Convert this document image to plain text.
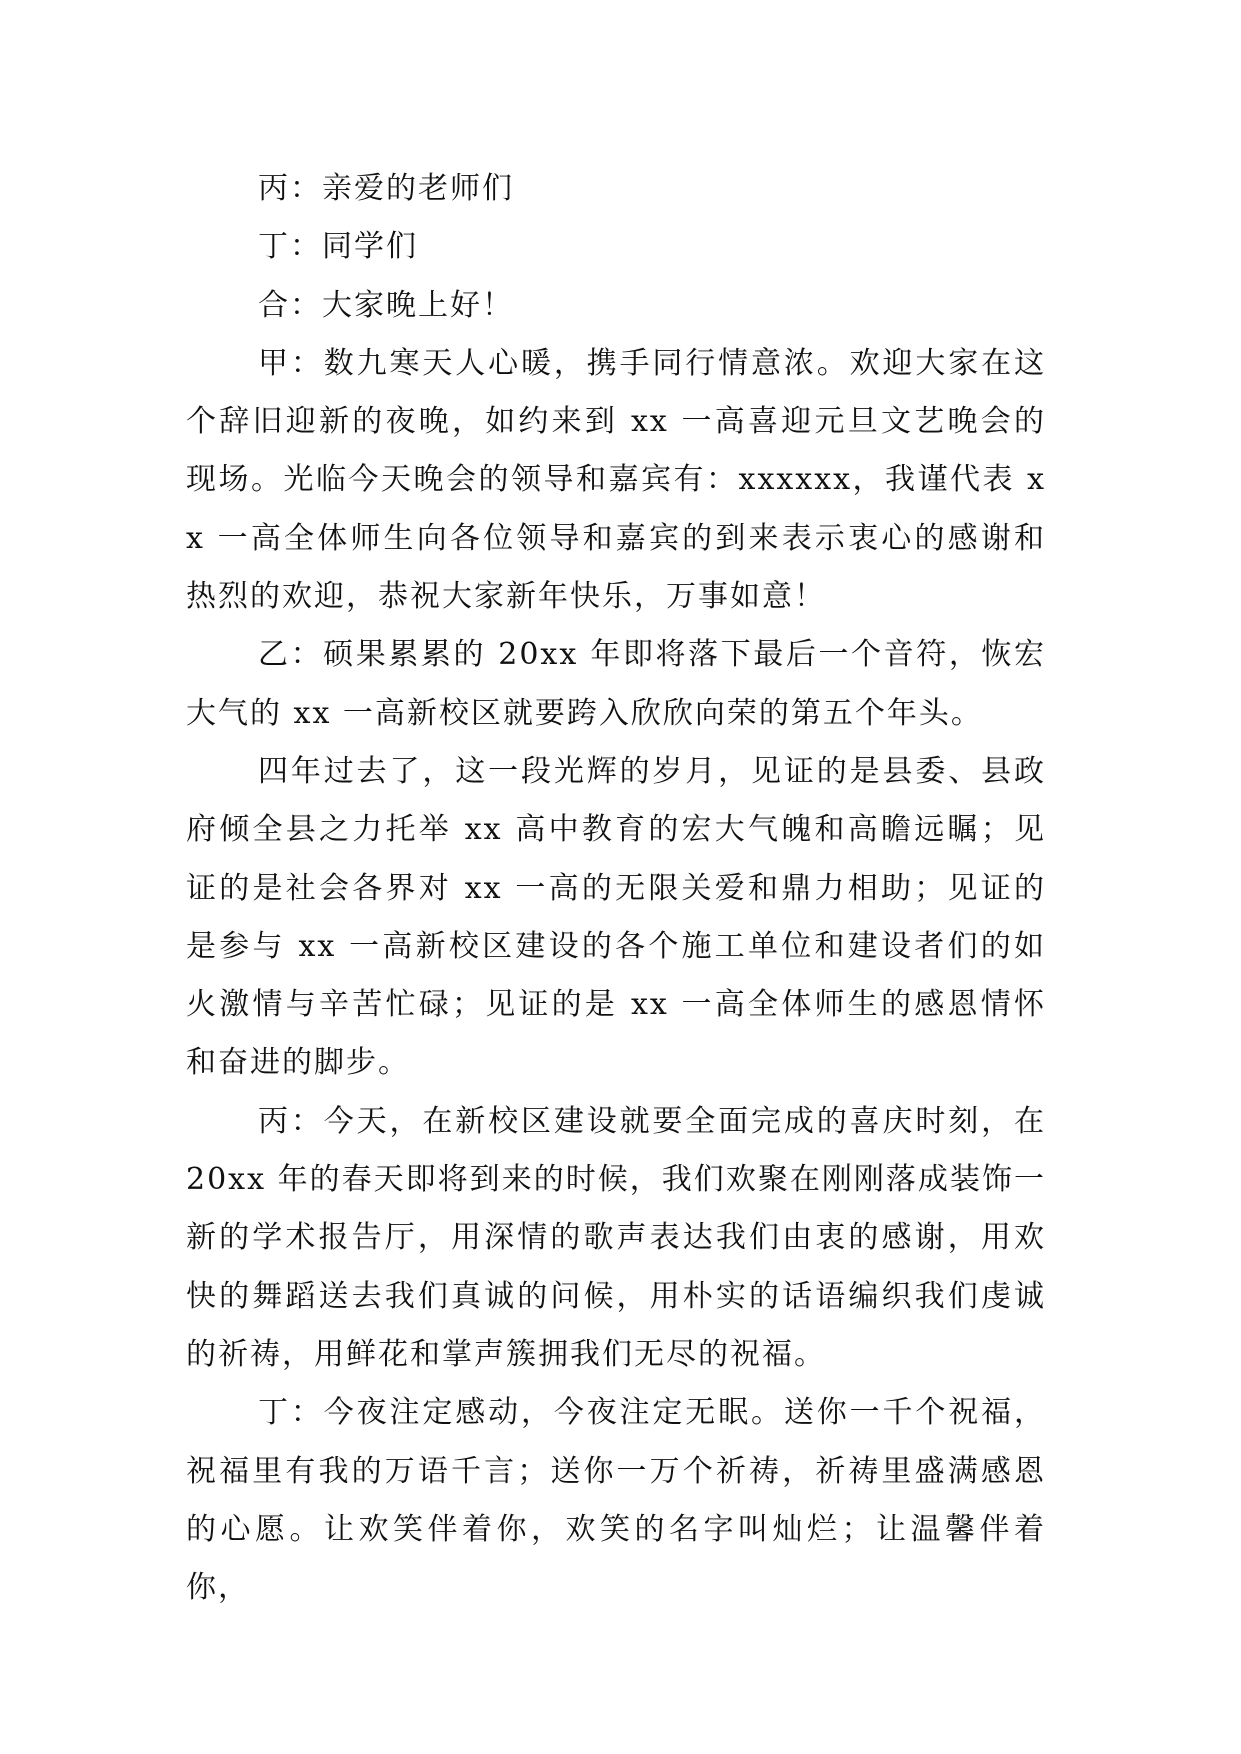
丙：亲爱的老师们

丁：同学们

合：大家晚上好！

甲：数九寒天人心暖，携手同行情意浓。欢迎大家在这个辞旧迎新的夜晚，如约来到 xx 一高喜迎元旦文艺晚会的现场。光临今天晚会的领导和嘉宾有：xxxxxx，我谨代表 xx 一高全体师生向各位领导和嘉宾的到来表示衷心的感谢和热烈的欢迎，恭祝大家新年快乐，万事如意！

乙：硕果累累的 20xx 年即将落下最后一个音符，恢宏大气的 xx 一高新校区就要跨入欣欣向荣的第五个年头。

四年过去了，这一段光辉的岁月，见证的是县委、县政府倾全县之力托举 xx 高中教育的宏大气魄和高瞻远瞩；见证的是社会各界对 xx 一高的无限关爱和鼎力相助；见证的是参与 xx 一高新校区建设的各个施工单位和建设者们的如火激情与辛苦忙碌；见证的是 xx 一高全体师生的感恩情怀和奋进的脚步。

丙：今天，在新校区建设就要全面完成的喜庆时刻，在 20xx 年的春天即将到来的时候，我们欢聚在刚刚落成装饰一新的学术报告厅，用深情的歌声表达我们由衷的感谢，用欢快的舞蹈送去我们真诚的问候，用朴实的话语编织我们虔诚的祈祷，用鲜花和掌声簇拥我们无尽的祝福。

丁：今夜注定感动，今夜注定无眠。送你一千个祝福，祝福里有我的万语千言；送你一万个祈祷，祈祷里盛满感恩的心愿。让欢笑伴着你，欢笑的名字叫灿烂；让温馨伴着你，
